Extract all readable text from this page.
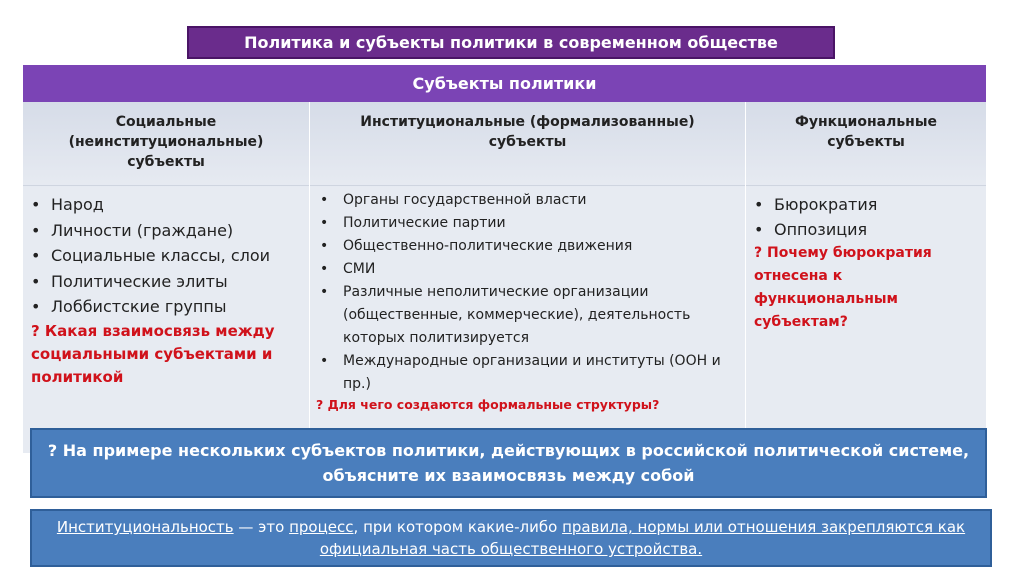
Политика и субъекты политики в современном обществе
Субъекты политики
Социальные (неинституциональные) субъекты
Институциональные (формализованные) субъекты
Функциональные субъекты
• Народ
• Личности (граждане)
• Социальные классы, слои
• Политические элиты
• Лоббистские группы
? Какая взаимосвязь между социальными субъектами и политикой
• Органы государственной власти
• Политические партии
• Общественно-политические движения
• СМИ
• Различные неполитические организации (общественные, коммерческие), деятельность которых политизируется
• Международные организации и институты (ООН и пр.)
? Для чего создаются формальные структуры?
• Бюрократия
• Оппозиция
? Почему бюрократия отнесена к функциональным субъектам?
? На примере нескольких субъектов политики, действующих в российской политической системе, объясните их взаимосвязь между собой
Институциональность — это процесс, при котором какие-либо правила, нормы или отношения закрепляются как официальная часть общественного устройства.
